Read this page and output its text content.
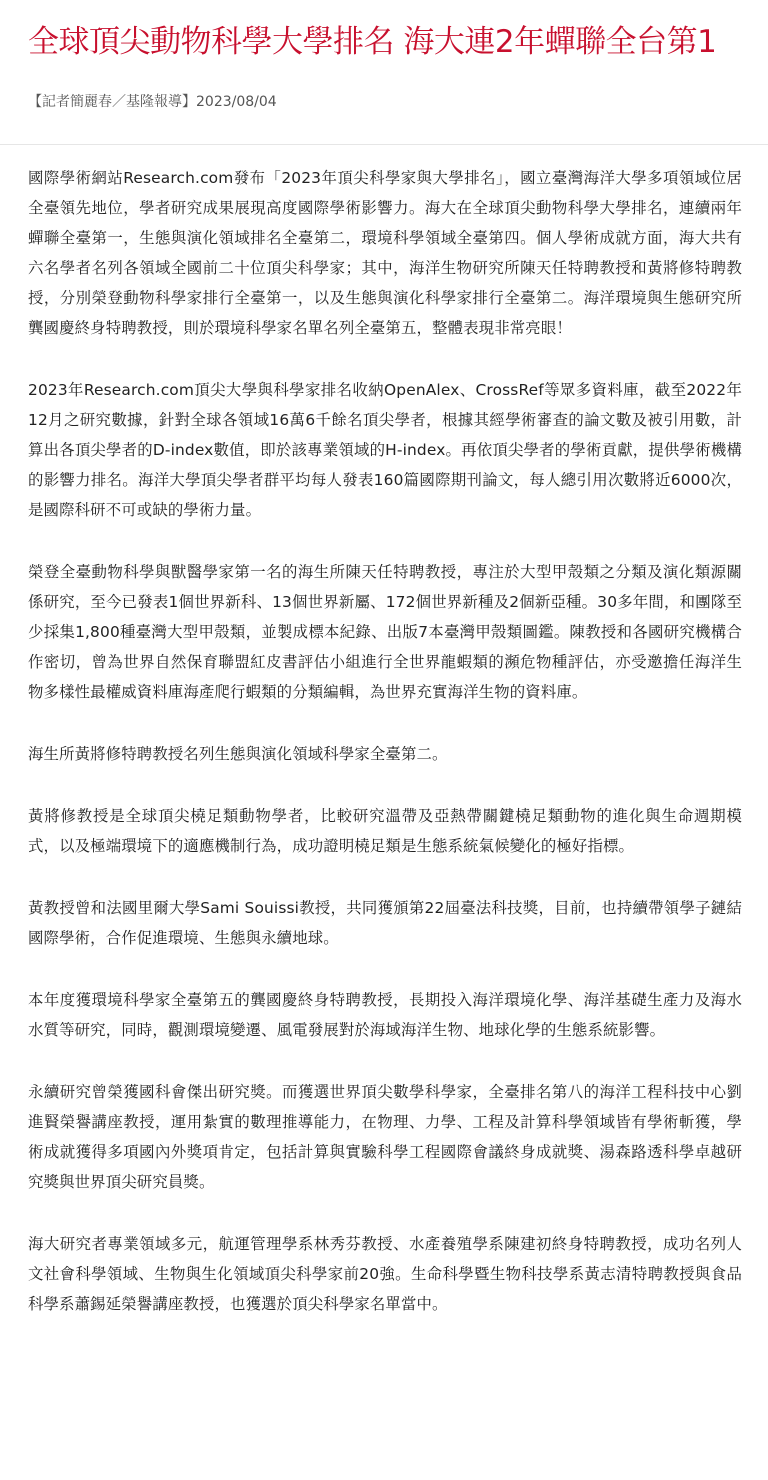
全球頂尖動物科學大學排名 海大連2年蟬聯全台第1
【記者簡麗春／基隆報導】2023/08/04

國際學術網站Research.com發布「2023年頂尖科學家與大學排名」，國立臺灣海洋大學多項領域位居全臺領先地位，學者研究成果展現高度國際學術影響力。海大在全球頂尖動物科學大學排名，連續兩年蟬聯全臺第一，生態與演化領域排名全臺第二，環境科學領域全臺第四。個人學術成就方面，海大共有六名學者名列各領域全國前二十位頂尖科學家；其中，海洋生物研究所陳天任特聘教授和黃將修特聘教授，分別榮登動物科學家排行全臺第一，以及生態與演化科學家排行全臺第二。海洋環境與生態研究所龔國慶終身特聘教授，則於環境科學家名單名列全臺第五，整體表現非常亮眼！

2023年Research.com頂尖大學與科學家排名收納OpenAlex、CrossRef等眾多資料庫，截至2022年12月之研究數據，針對全球各領域16萬6千餘名頂尖學者，根據其經學術審查的論文數及被引用數，計算出各頂尖學者的D-index數值，即於該專業領域的H-index。再依頂尖學者的學術貢獻，提供學術機構的影響力排名。海洋大學頂尖學者群平均每人發表160篇國際期刊論文，每人總引用次數將近6000次，是國際科研不可或缺的學術力量。

榮登全臺動物科學與獸醫學家第一名的海生所陳天任特聘教授，專注於大型甲殼類之分類及演化類源關係研究，至今已發表1個世界新科、13個世界新屬、172個世界新種及2個新亞種。30多年間，和團隊至少採集1,800種臺灣大型甲殼類，並製成標本紀錄、出版7本臺灣甲殼類圖鑑。陳教授和各國研究機構合作密切，曾為世界自然保育聯盟紅皮書評估小組進行全世界龍蝦類的瀕危物種評估，亦受邀擔任海洋生物多樣性最權威資料庫海產爬行蝦類的分類編輯，為世界充實海洋生物的資料庫。

海生所黃將修特聘教授名列生態與演化領域科學家全臺第二。

黃將修教授是全球頂尖橈足類動物學者，比較研究溫帶及亞熱帶關鍵橈足類動物的進化與生命週期模式，以及極端環境下的適應機制行為，成功證明橈足類是生態系統氣候變化的極好指標。

黃教授曾和法國里爾大學Sami Souissi教授，共同獲頒第22屆臺法科技獎，目前，也持續帶領學子鏈結國際學術，合作促進環境、生態與永續地球。

本年度獲環境科學家全臺第五的龔國慶終身特聘教授，長期投入海洋環境化學、海洋基礎生產力及海水水質等研究，同時，觀測環境變遷、風電發展對於海域海洋生物、地球化學的生態系統影響。

永續研究曾榮獲國科會傑出研究獎。而獲選世界頂尖數學科學家，全臺排名第八的海洋工程科技中心劉進賢榮譽講座教授，運用紮實的數理推導能力，在物理、力學、工程及計算科學領域皆有學術斬獲，學術成就獲得多項國內外獎項肯定，包括計算與實驗科學工程國際會議終身成就獎、湯森路透科學卓越研究獎與世界頂尖研究員獎。

海大研究者專業領域多元，航運管理學系林秀芬教授、水產養殖學系陳建初終身特聘教授，成功名列人文社會科學領域、生物與生化領域頂尖科學家前20強。生命科學暨生物科技學系黃志清特聘教授與食品科學系蕭錫延榮譽講座教授，也獲選於頂尖科學家名單當中。
